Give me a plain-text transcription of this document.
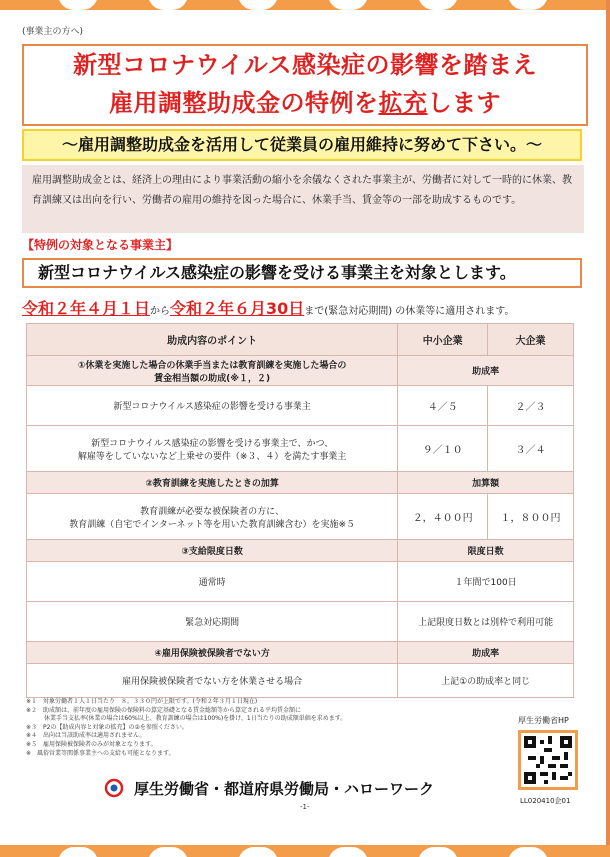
(事業主の方へ)
新型コロナウイルス感染症の影響を踏まえ
雇用調整助成金の特例を拡充します
～雇用調整助成金を活用して従業員の雇用維持に努めて下さい。～
雇用調整助成金とは、経済上の理由により事業活動の縮小を余儀なくされた事業主が、労働者に対して一時的に休業、教育訓練又は出向を行い、労働者の雇用の維持を図った場合に、休業手当、賃金等の一部を助成するものです。
【特例の対象となる事業主】
新型コロナウイルス感染症の影響を受ける事業主を対象とします。
令和２年４月１日から令和２年６月30日まで(緊急対応期間) の休業等に適用されます。
助成内容のポイント	中小企業	大企業

①休業を実施した場合の休業手当または教育訓練を実施した場合の
賃金相当額の助成(※１，２)	助成率	
新型コロナウイルス感染症の影響を受ける事業主	４／５	２／３

新型コロナウイルス感染症の影響を受ける事業主で、かつ、
解雇等をしていないなど上乗せの要件（※３、４）を満たす事業主	９／１０	３／４
②教育訓練を実施したときの加算	加算額	

教育訓練が必要な被保険者の方に、
教育訓練（自宅でインターネット等を用いた教育訓練含む）を実施※５	２，４００円	１，８００円
③支給限度日数	限度日数	
通常時	１年間で100日	
緊急対応期間	上記限度日数とは別枠で利用可能	
④雇用保険被保険者でない方	助成率	
雇用保険被保険者でない方を休業させる場合	上記①の助成率と同じ	
※１　対象労働者１人１日当たり　８，３３０円が上限です。(令和２年３月１日現在)
※２　助成額は、前年度の雇用保険の保険料の算定基礎となる賃金総額等から算定される平均賃金額に
　　　休業手当支払率(休業の場合は60%以上、教育訓練の場合は100%)を掛け、1日当たりの助成額単価を求めます。
※３　P2の【助成内容と対象の拡充】の②を参照ください。
※４　出向は当該助成率は適用されません。
※５　雇用保険被保険者のみが対象となります。
※　風俗営業等関係事業主への支給も可能となります。
厚生労働省HP
LL020410企01
厚生労働省・都道府県労働局・ハローワーク
-1-
